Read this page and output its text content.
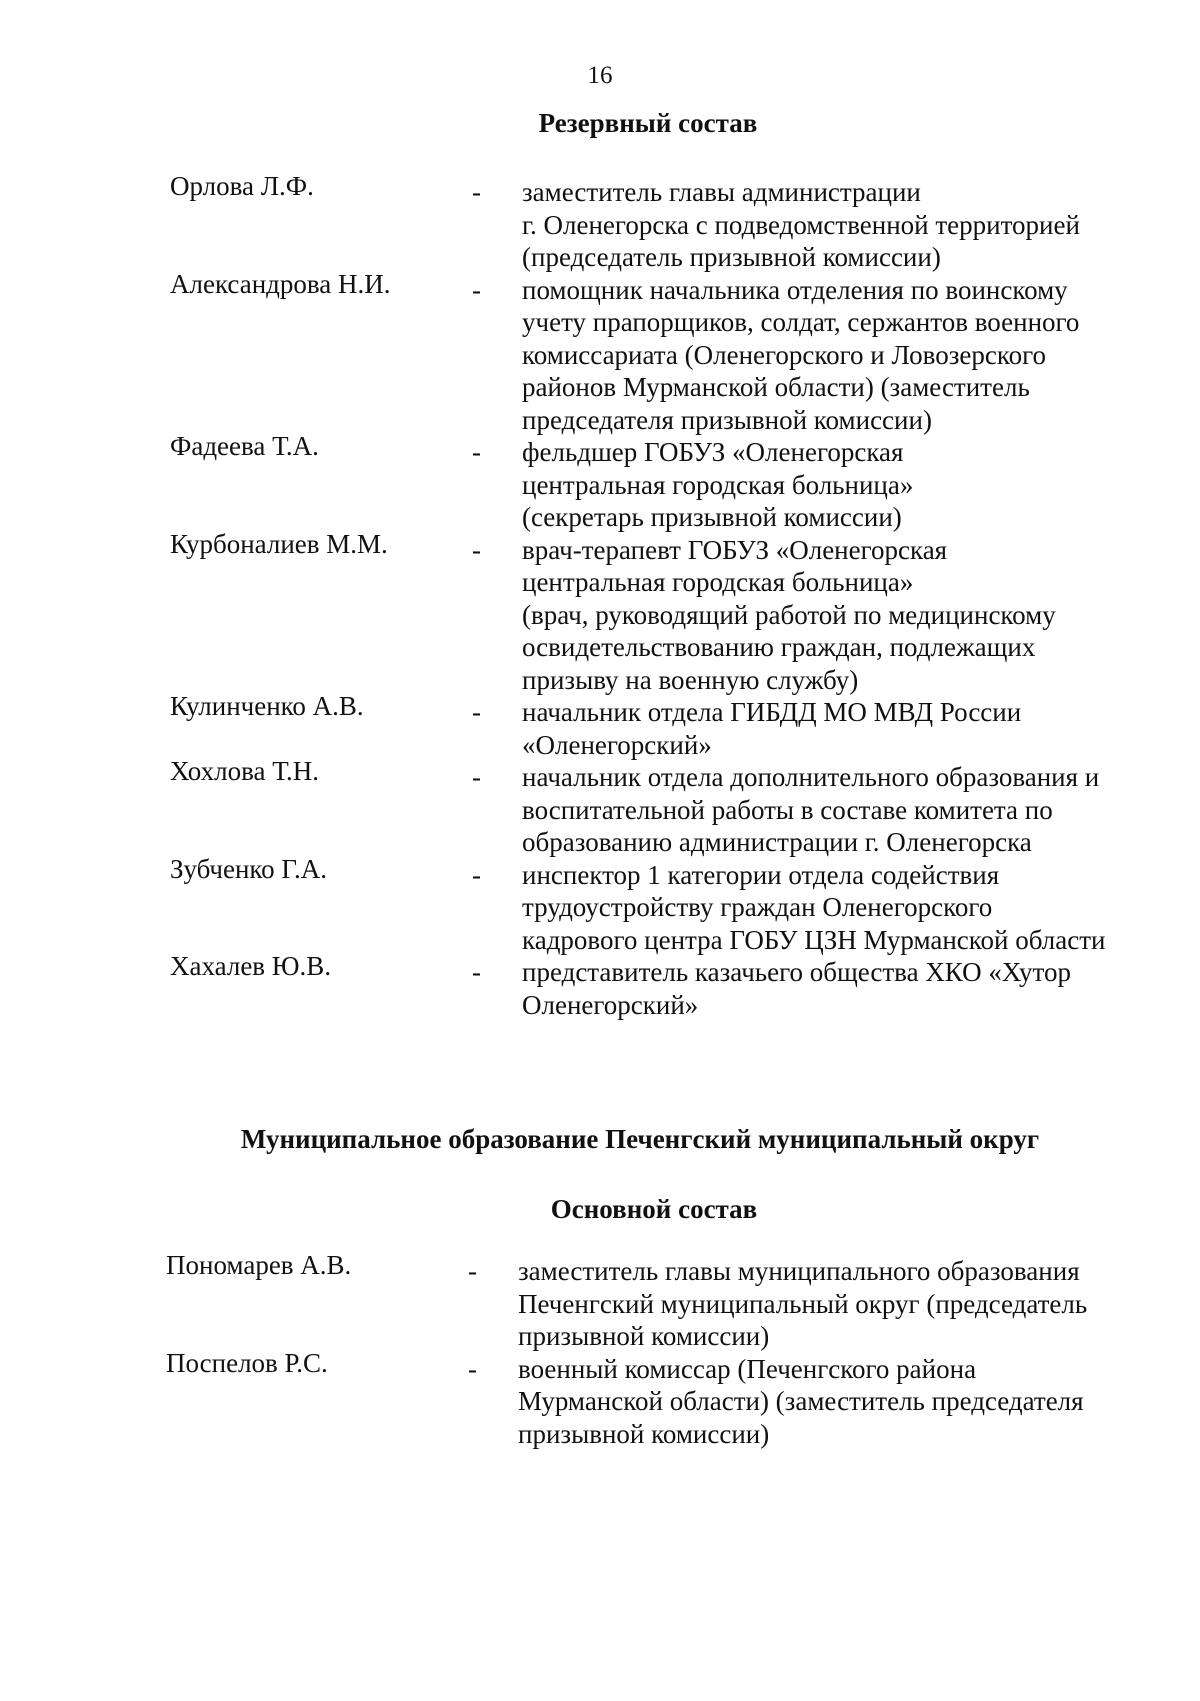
16
Резервный состав
Орлова Л.Ф.	-	заместитель главы администрации
г. Оленегорска с подведомственной территорией
(председатель призывной комиссии)
Александрова Н.И.	-	помощник начальника отделения по воинскому
учету прапорщиков, солдат, сержантов военного
комиссариата (Оленегорского и Ловозерского
районов Мурманской области) (заместитель
председателя призывной комиссии)
Фадеева Т.А.	-	фельдшер ГОБУЗ «Оленегорская
центральная городская больница»
(секретарь призывной комиссии)
Курбоналиев М.М.	-	врач-терапевт ГОБУЗ «Оленегорская
центральная городская больница»
(врач, руководящий работой по медицинскому
освидетельствованию граждан, подлежащих
призыву на военную службу)
Кулинченко А.В.	-	начальник отдела ГИБДД МО МВД России
«Оленегорский»
Хохлова Т.Н.	-	начальник отдела дополнительного образования и
воспитательной работы в составе комитета по
образованию администрации г. Оленегорска
Зубченко Г.А.	-	инспектор 1 категории отдела содействия
трудоустройству граждан Оленегорского
кадрового центра ГОБУ ЦЗН Мурманской области
Хахалев Ю.В.	-	представитель казачьего общества ХКО «Хутор
Оленегорский»
Муниципальное образование Печенгский муниципальный округ
Основной состав
Пономарев А.В.	-	заместитель главы муниципального образования
Печенгский муниципальный округ (председатель
призывной комиссии)
Поспелов Р.С.	-	военный комиссар (Печенгского района
Мурманской области) (заместитель председателя
призывной комиссии)
